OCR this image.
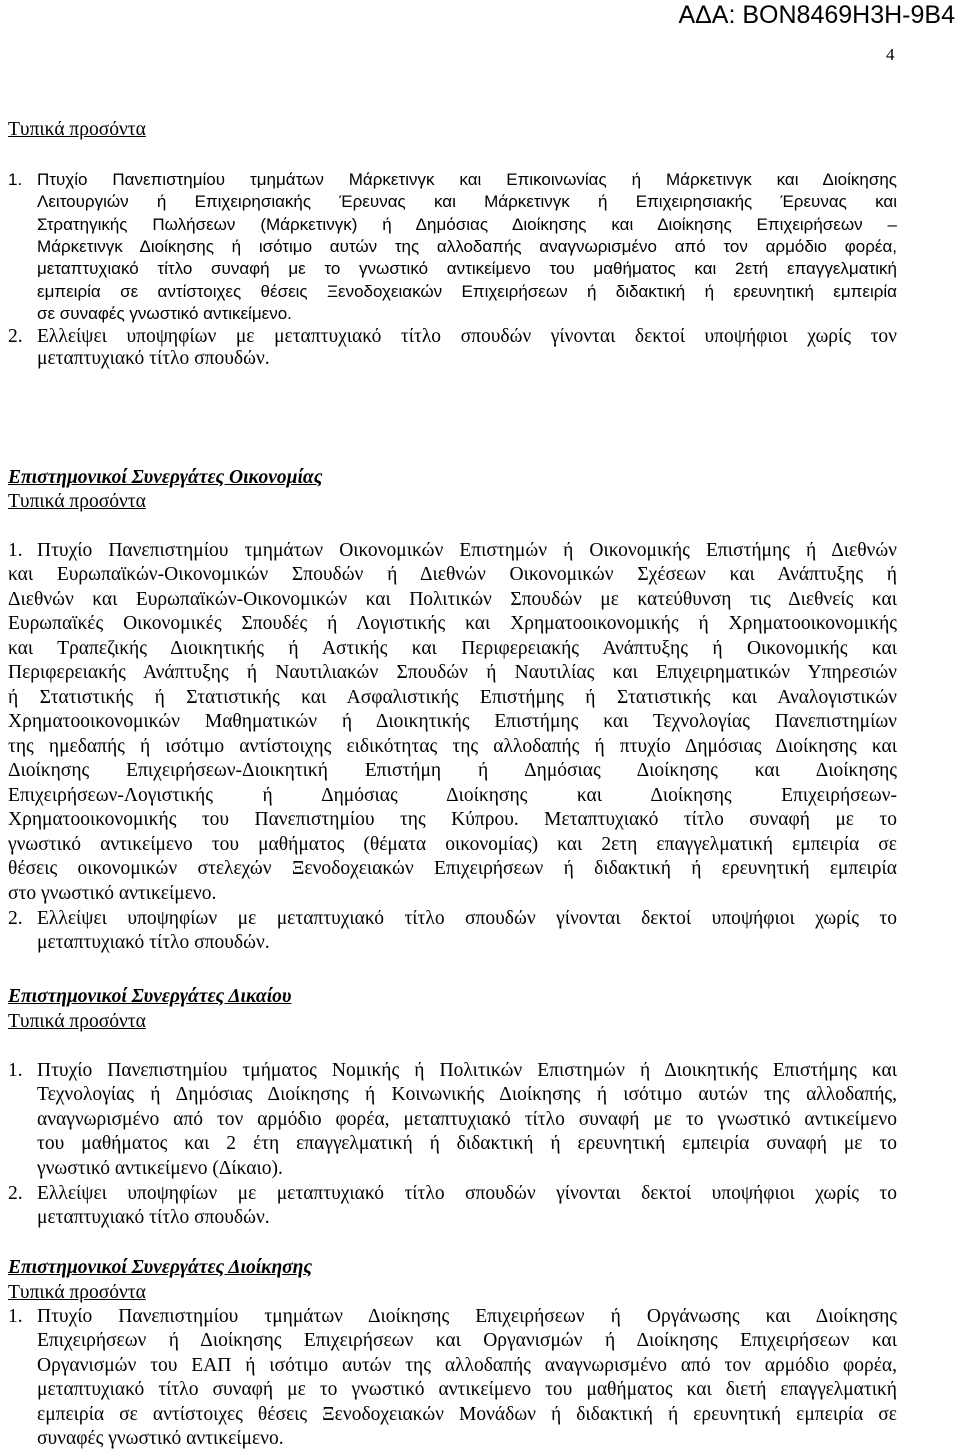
ΑΔΑ: ΒΟΝ8469Η3Η-9Β4
4
Τυπικά προσόντα
1. Πτυχίο Πανεπιστημίου τμημάτων Μάρκετινγκ και Επικοινωνίας ή Μάρκετινγκ και Διοίκησης
Λειτουργιών ή Επιχειρησιακής Έρευνας και Μάρκετινγκ ή Επιχειρησιακής Έρευνας και
Στρατηγικής Πωλήσεων (Μάρκετινγκ) ή Δημόσιας Διοίκησης και Διοίκησης Επιχειρήσεων –
Μάρκετινγκ Διοίκησης ή ισότιμο αυτών της αλλοδαπής αναγνωρισμένο από τον αρμόδιο φορέα,
μεταπτυχιακό τίτλο συναφή με το γνωστικό αντικείμενο του μαθήματος και 2ετή επαγγελματική
εμπειρία σε αντίστοιχες θέσεις Ξενοδοχειακών Επιχειρήσεων ή διδακτική ή ερευνητική εμπειρία
σε συναφές γνωστικό αντικείμενο.
2. Ελλείψει υποψηφίων με μεταπτυχιακό τίτλο σπουδών γίνονται δεκτοί υποψήφιοι χωρίς τον
μεταπτυχιακό τίτλο σπουδών.
Επιστημονικοί Συνεργάτες Οικονομίας
Τυπικά προσόντα
1. Πτυχίο Πανεπιστημίου τμημάτων Οικονομικών Επιστημών ή Οικονομικής Επιστήμης ή Διεθνών
και Ευρωπαϊκών-Οικονομικών Σπουδών ή Διεθνών Οικονομικών Σχέσεων και Ανάπτυξης ή
Διεθνών και Ευρωπαϊκών-Οικονομικών και Πολιτικών Σπουδών με κατεύθυνση τις Διεθνείς και
Ευρωπαϊκές Οικονομικές Σπουδές ή Λογιστικής και Χρηματοοικονομικής ή Χρηματοοικονομικής
και Τραπεζικής Διοικητικής ή Αστικής και Περιφερειακής Ανάπτυξης ή Οικονομικής και
Περιφερειακής Ανάπτυξης ή Ναυτιλιακών Σπουδών ή Ναυτιλίας και Επιχειρηματικών Υπηρεσιών
ή Στατιστικής ή Στατιστικής και Ασφαλιστικής Επιστήμης ή Στατιστικής και Αναλογιστικών
Χρηματοοικονομικών Μαθηματικών ή Διοικητικής Επιστήμης και Τεχνολογίας Πανεπιστημίων
της ημεδαπής ή ισότιμο αντίστοιχης ειδικότητας της αλλοδαπής ή πτυχίο Δημόσιας Διοίκησης και
Διοίκησης Επιχειρήσεων-Διοικητική Επιστήμη ή Δημόσιας Διοίκησης και Διοίκησης
Επιχειρήσεων-Λογιστικής ή Δημόσιας Διοίκησης και Διοίκησης Επιχειρήσεων-
Χρηματοοικονομικής του Πανεπιστημίου της Κύπρου. Μεταπτυχιακό τίτλο συναφή με το
γνωστικό αντικείμενο του μαθήματος (θέματα οικονομίας) και 2ετη επαγγελματική εμπειρία σε
θέσεις οικονομικών στελεχών Ξενοδοχειακών Επιχειρήσεων ή διδακτική ή ερευνητική εμπειρία
στο γνωστικό αντικείμενο.
2. Ελλείψει υποψηφίων με μεταπτυχιακό τίτλο σπουδών γίνονται δεκτοί υποψήφιοι χωρίς το
μεταπτυχιακό τίτλο σπουδών.
Επιστημονικοί Συνεργάτες Δικαίου
Τυπικά προσόντα
1. Πτυχίο Πανεπιστημίου τμήματος Νομικής ή Πολιτικών Επιστημών ή Διοικητικής Επιστήμης και
Τεχνολογίας ή Δημόσιας Διοίκησης ή Κοινωνικής Διοίκησης ή ισότιμο αυτών της αλλοδαπής,
αναγνωρισμένο από τον αρμόδιο φορέα, μεταπτυχιακό τίτλο συναφή με το γνωστικό αντικείμενο
του μαθήματος και 2 έτη επαγγελματική ή διδακτική ή ερευνητική εμπειρία συναφή με το
γνωστικό αντικείμενο (Δίκαιο).
2. Ελλείψει υποψηφίων με μεταπτυχιακό τίτλο σπουδών γίνονται δεκτοί υποψήφιοι χωρίς το
μεταπτυχιακό τίτλο σπουδών.
Επιστημονικοί Συνεργάτες Διοίκησης
Τυπικά προσόντα
1. Πτυχίο Πανεπιστημίου τμημάτων Διοίκησης Επιχειρήσεων ή Οργάνωσης και Διοίκησης
Επιχειρήσεων ή Διοίκησης Επιχειρήσεων και Οργανισμών ή Διοίκησης Επιχειρήσεων και
Οργανισμών του ΕΑΠ ή ισότιμο αυτών της αλλοδαπής αναγνωρισμένο από τον αρμόδιο φορέα,
μεταπτυχιακό τίτλο συναφή με το γνωστικό αντικείμενο του μαθήματος και διετή επαγγελματική
εμπειρία σε αντίστοιχες θέσεις Ξενοδοχειακών Μονάδων ή διδακτική ή ερευνητική εμπειρία σε
συναφές γνωστικό αντικείμενο.
